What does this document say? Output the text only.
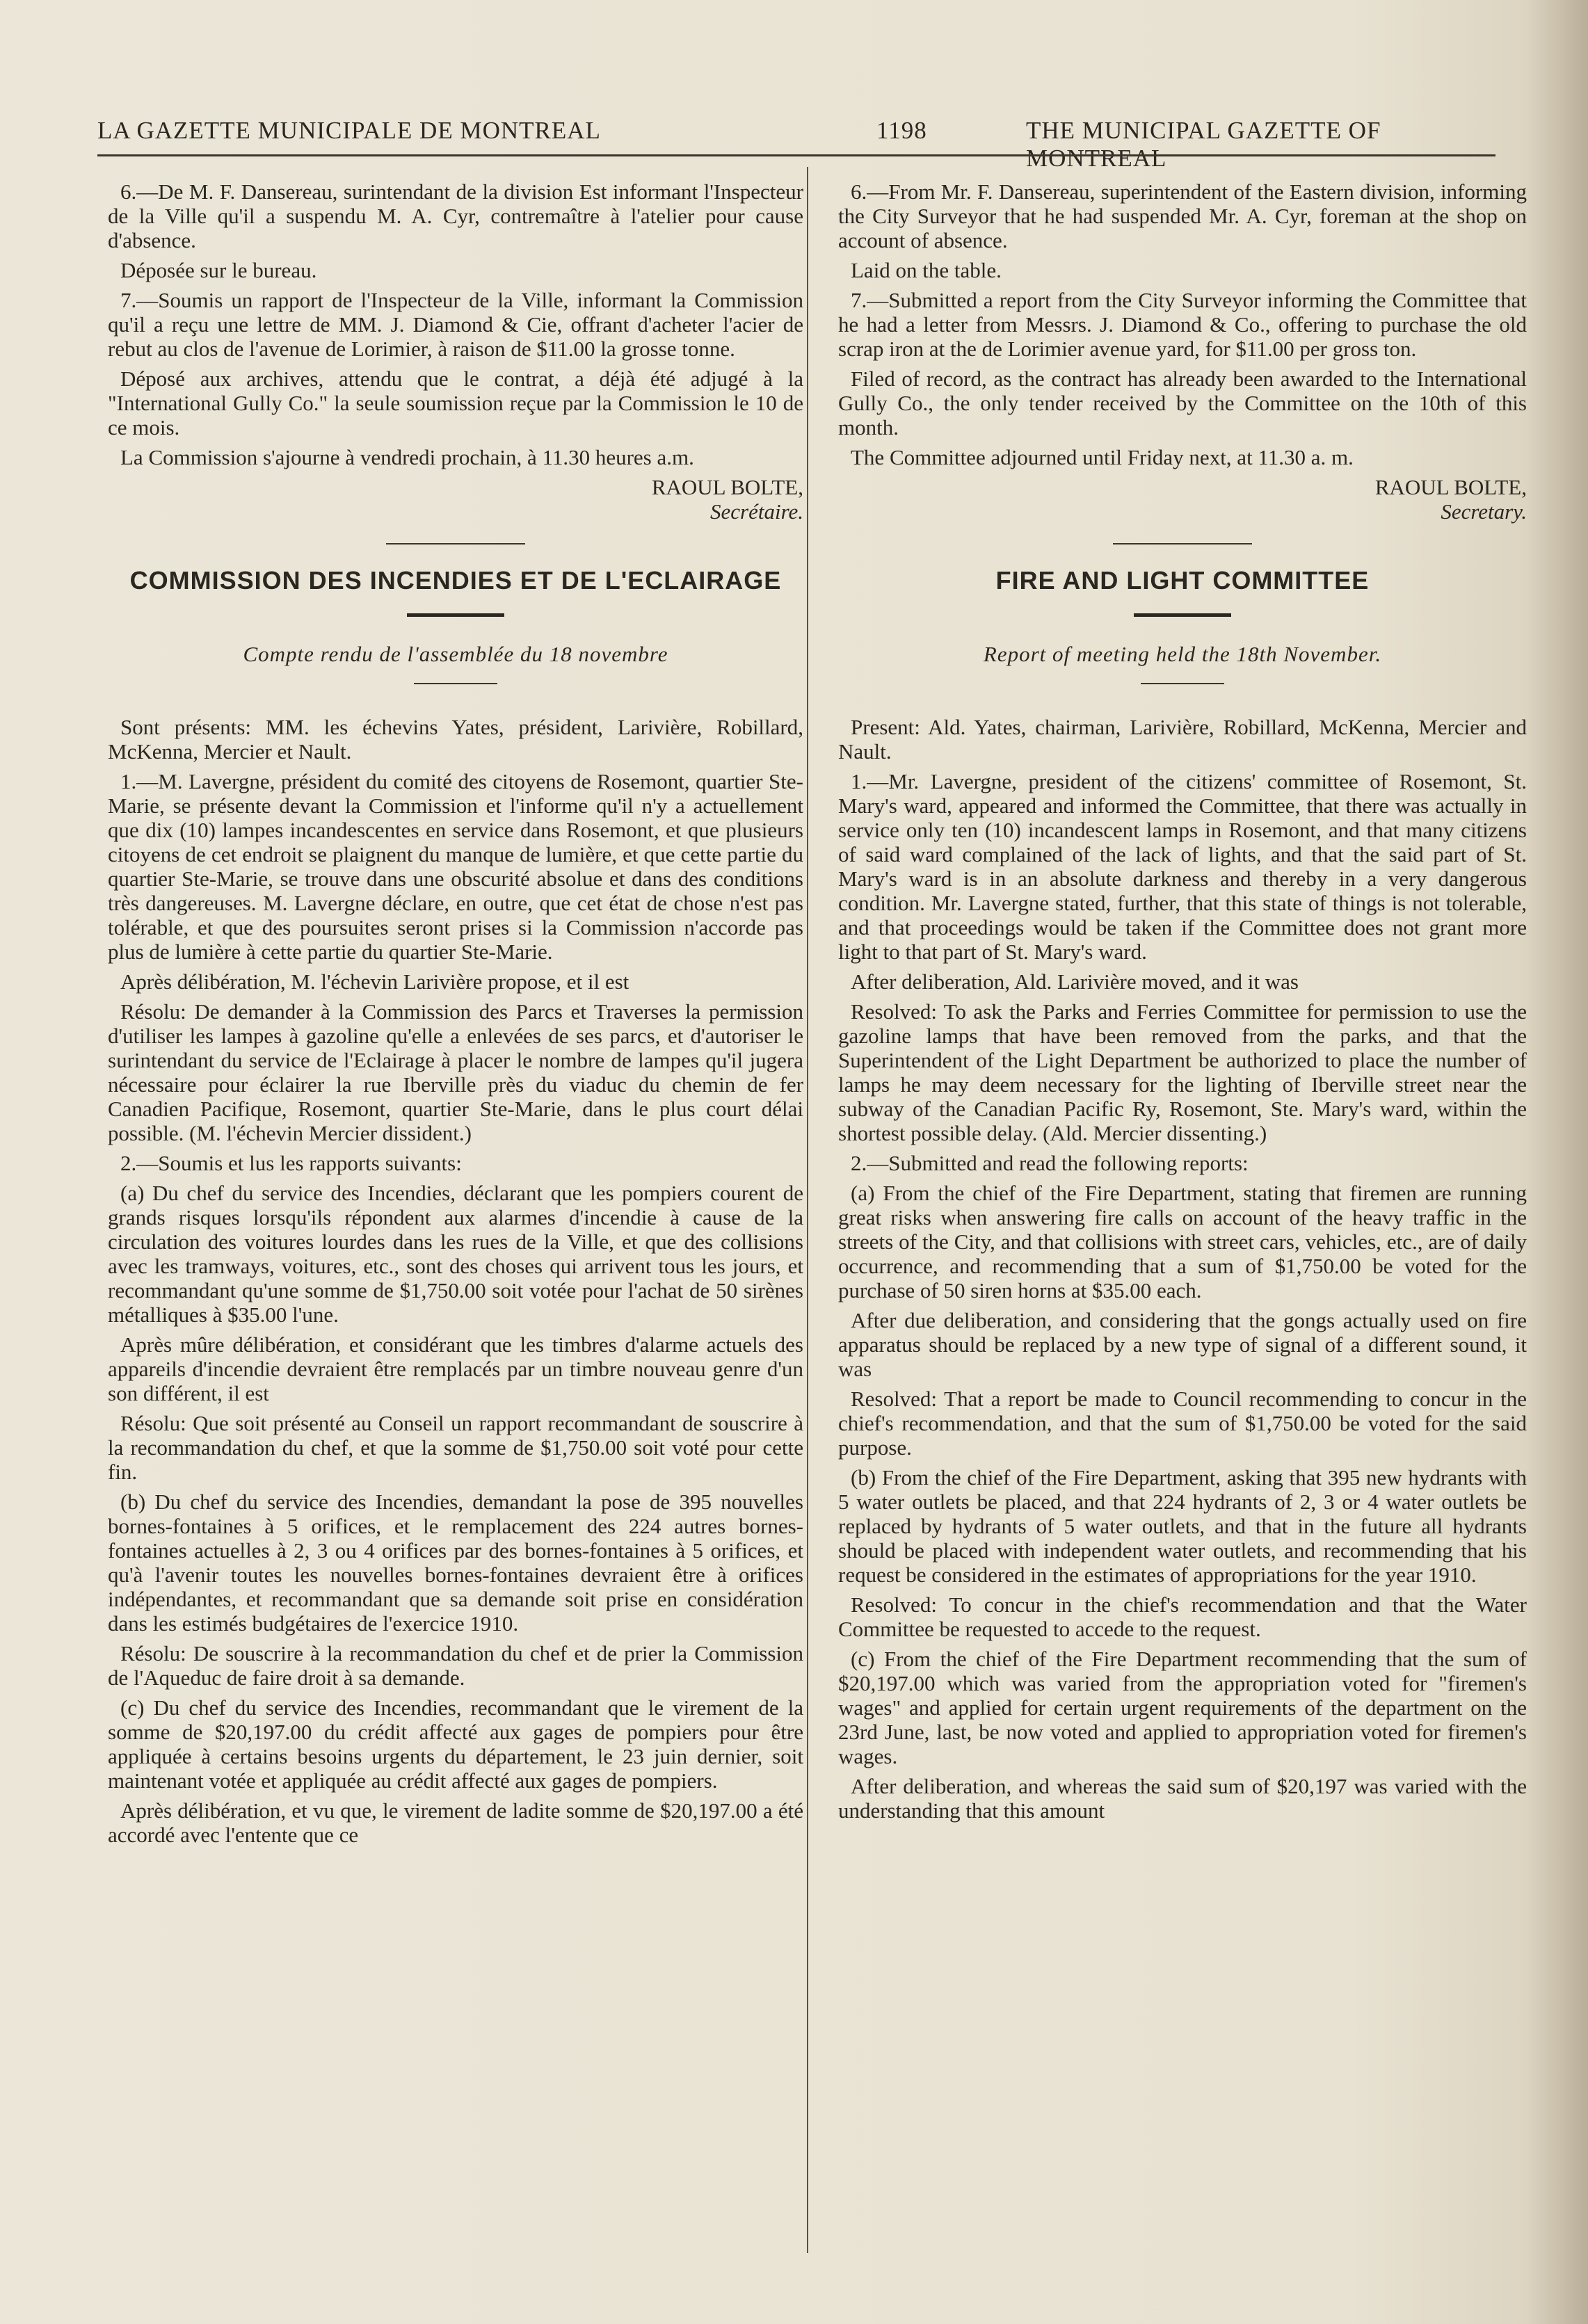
LA GAZETTE MUNICIPALE DE MONTREAL	1198	THE MUNICIPAL GAZETTE OF MONTREAL

6.—De M. F. Dansereau, surintendant de la division Est informant l'Inspecteur de la Ville qu'il a suspendu M. A. Cyr, contremaître à l'atelier pour cause d'absence.

Déposée sur le bureau.

7.—Soumis un rapport de l'Inspecteur de la Ville, informant la Commission qu'il a reçu une lettre de MM. J. Diamond & Cie, offrant d'acheter l'acier de rebut au clos de l'avenue de Lorimier, à raison de $11.00 la grosse tonne.

Déposé aux archives, attendu que le contrat, a déjà été adjugé à la "International Gully Co." la seule soumission reçue par la Commission le 10 de ce mois.

La Commission s'ajourne à vendredi prochain, à 11.30 heures a.m.

RAOUL BOLTE,

Secrétaire.

COMMISSION DES INCENDIES ET DE L'ECLAIRAGE
Compte rendu de l'assemblée du 18 novembre

Sont présents: MM. les échevins Yates, président, Larivière, Robillard, McKenna, Mercier et Nault.

1.—M. Lavergne, président du comité des citoyens de Rosemont, quartier Ste-Marie, se présente devant la Commission et l'informe qu'il n'y a actuellement que dix (10) lampes incandescentes en service dans Rosemont, et que plusieurs citoyens de cet endroit se plaignent du manque de lumière, et que cette partie du quartier Ste-Marie, se trouve dans une obscurité absolue et dans des conditions très dangereuses. M. Lavergne déclare, en outre, que cet état de chose n'est pas tolérable, et que des poursuites seront prises si la Commission n'accorde pas plus de lumière à cette partie du quartier Ste-Marie.

Après délibération, M. l'échevin Larivière propose, et il est

Résolu: De demander à la Commission des Parcs et Traverses la permission d'utiliser les lampes à gazoline qu'elle a enlevées de ses parcs, et d'autoriser le surintendant du service de l'Eclairage à placer le nombre de lampes qu'il jugera nécessaire pour éclairer la rue Iberville près du viaduc du chemin de fer Canadien Pacifique, Rosemont, quartier Ste-Marie, dans le plus court délai possible. (M. l'échevin Mercier dissident.)

2.—Soumis et lus les rapports suivants:

(a) Du chef du service des Incendies, déclarant que les pompiers courent de grands risques lorsqu'ils répondent aux alarmes d'incendie à cause de la circulation des voitures lourdes dans les rues de la Ville, et que des collisions avec les tramways, voitures, etc., sont des choses qui arrivent tous les jours, et recommandant qu'une somme de $1,750.00 soit votée pour l'achat de 50 sirènes métalliques à $35.00 l'une.

Après mûre délibération, et considérant que les timbres d'alarme actuels des appareils d'incendie devraient être remplacés par un timbre nouveau genre d'un son différent, il est

Résolu: Que soit présenté au Conseil un rapport recommandant de souscrire à la recommandation du chef, et que la somme de $1,750.00 soit voté pour cette fin.

(b) Du chef du service des Incendies, demandant la pose de 395 nouvelles bornes-fontaines à 5 orifices, et le remplacement des 224 autres bornes-fontaines actuelles à 2, 3 ou 4 orifices par des bornes-fontaines à 5 orifices, et qu'à l'avenir toutes les nouvelles bornes-fontaines devraient être à orifices indépendantes, et recommandant que sa demande soit prise en considération dans les estimés budgétaires de l'exercice 1910.

Résolu: De souscrire à la recommandation du chef et de prier la Commission de l'Aqueduc de faire droit à sa demande.

(c) Du chef du service des Incendies, recommandant que le virement de la somme de $20,197.00 du crédit affecté aux gages de pompiers pour être appliquée à certains besoins urgents du département, le 23 juin dernier, soit maintenant votée et appliquée au crédit affecté aux gages de pompiers.

Après délibération, et vu que, le virement de ladite somme de $20,197.00 a été accordé avec l'entente que ce

6.—From Mr. F. Dansereau, superintendent of the Eastern division, informing the City Surveyor that he had suspended Mr. A. Cyr, foreman at the shop on account of absence.

Laid on the table.

7.—Submitted a report from the City Surveyor informing the Committee that he had a letter from Messrs. J. Diamond & Co., offering to purchase the old scrap iron at the de Lorimier avenue yard, for $11.00 per gross ton.

Filed of record, as the contract has already been awarded to the International Gully Co., the only tender received by the Committee on the 10th of this month.

The Committee adjourned until Friday next, at 11.30 a. m.

RAOUL BOLTE,

Secretary.

FIRE AND LIGHT COMMITTEE
Report of meeting held the 18th November.

Present: Ald. Yates, chairman, Larivière, Robillard, McKenna, Mercier and Nault.

1.—Mr. Lavergne, president of the citizens' committee of Rosemont, St. Mary's ward, appeared and informed the Committee, that there was actually in service only ten (10) incandescent lamps in Rosemont, and that many citizens of said ward complained of the lack of lights, and that the said part of St. Mary's ward is in an absolute darkness and thereby in a very dangerous condition. Mr. Lavergne stated, further, that this state of things is not tolerable, and that proceedings would be taken if the Committee does not grant more light to that part of St. Mary's ward.

After deliberation, Ald. Larivière moved, and it was

Resolved: To ask the Parks and Ferries Committee for permission to use the gazoline lamps that have been removed from the parks, and that the Superintendent of the Light Department be authorized to place the number of lamps he may deem necessary for the lighting of Iberville street near the subway of the Canadian Pacific Ry, Rosemont, Ste. Mary's ward, within the shortest possible delay. (Ald. Mercier dissenting.)

2.—Submitted and read the following reports:

(a) From the chief of the Fire Department, stating that firemen are running great risks when answering fire calls on account of the heavy traffic in the streets of the City, and that collisions with street cars, vehicles, etc., are of daily occurrence, and recommending that a sum of $1,750.00 be voted for the purchase of 50 siren horns at $35.00 each.

After due deliberation, and considering that the gongs actually used on fire apparatus should be replaced by a new type of signal of a different sound, it was

Resolved: That a report be made to Council recommending to concur in the chief's recommendation, and that the sum of $1,750.00 be voted for the said purpose.

(b) From the chief of the Fire Department, asking that 395 new hydrants with 5 water outlets be placed, and that 224 hydrants of 2, 3 or 4 water outlets be replaced by hydrants of 5 water outlets, and that in the future all hydrants should be placed with independent water outlets, and recommending that his request be considered in the estimates of appropriations for the year 1910.

Resolved: To concur in the chief's recommendation and that the Water Committee be requested to accede to the request.

(c) From the chief of the Fire Department recommending that the sum of $20,197.00 which was varied from the appropriation voted for "firemen's wages" and applied for certain urgent requirements of the department on the 23rd June, last, be now voted and applied to appropriation voted for firemen's wages.

After deliberation, and whereas the said sum of $20,197 was varied with the understanding that this amount
